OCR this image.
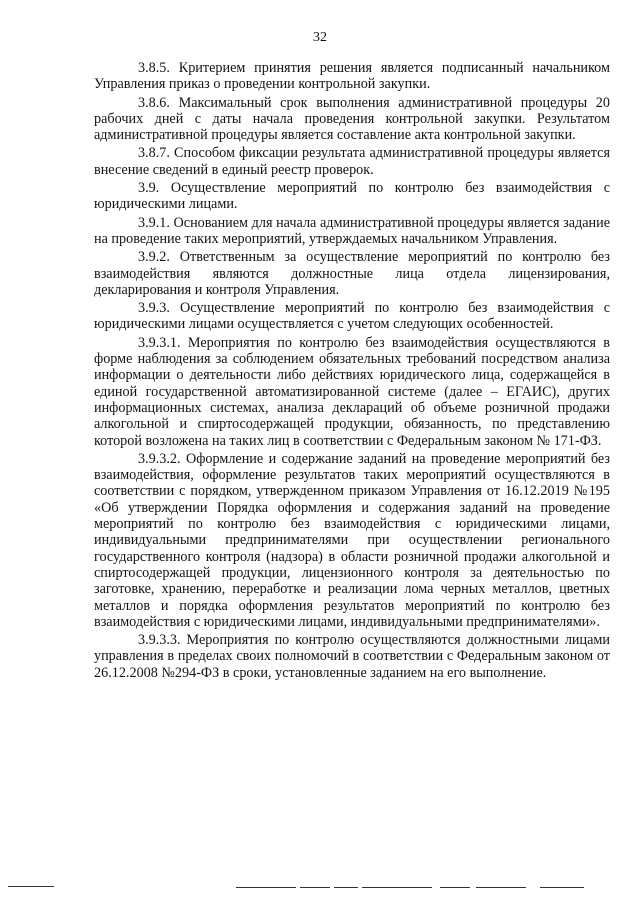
32

3.8.5. Критерием принятия решения является подписанный начальником Управления приказ о проведении контрольной закупки.

3.8.6. Максимальный срок выполнения административной процедуры 20 рабочих дней с даты начала проведения контрольной закупки. Результатом административной процедуры является составление акта контрольной закупки.

3.8.7. Способом фиксации результата административной процедуры является внесение сведений в единый реестр проверок.

3.9. Осуществление мероприятий по контролю без взаимодействия с юридическими лицами.

3.9.1. Основанием для начала административной процедуры является задание на проведение таких мероприятий, утверждаемых начальником Управления.

3.9.2. Ответственным за осуществление мероприятий по контролю без взаимодействия являются должностные лица отдела лицензирования, декларирования и контроля Управления.

3.9.3. Осуществление мероприятий по контролю без взаимодействия с юридическими лицами осуществляется с учетом следующих особенностей.

3.9.3.1. Мероприятия по контролю без взаимодействия осуществляются в форме наблюдения за соблюдением обязательных требований посредством анализа информации о деятельности либо действиях юридического лица, содержащейся в единой государственной автоматизированной системе (далее – ЕГАИС), других информационных системах, анализа деклараций об объеме розничной продажи алкогольной и спиртосодержащей продукции, обязанность, по представлению которой возложена на таких лиц в соответствии с Федеральным законом № 171-ФЗ.

3.9.3.2. Оформление и содержание заданий на проведение мероприятий без взаимодействия, оформление результатов таких мероприятий осуществляются в соответствии с порядком, утвержденном приказом Управления от 16.12.2019 №195 «Об утверждении Порядка оформления и содержания заданий на проведение мероприятий по контролю без взаимодействия с юридическими лицами, индивидуальными предпринимателями при осуществлении регионального государственного контроля (надзора) в области розничной продажи алкогольной и спиртосодержащей продукции, лицензионного контроля за деятельностью по заготовке, хранению, переработке и реализации лома черных металлов, цветных металлов и порядка оформления результатов мероприятий по контролю без взаимодействия с юридическими лицами, индивидуальными предпринимателями».

3.9.3.3. Мероприятия по контролю осуществляются должностными лицами управления в пределах своих полномочий в соответствии с Федеральным законом от 26.12.2008 №294-ФЗ в сроки, установленные заданием на его выполнение.
